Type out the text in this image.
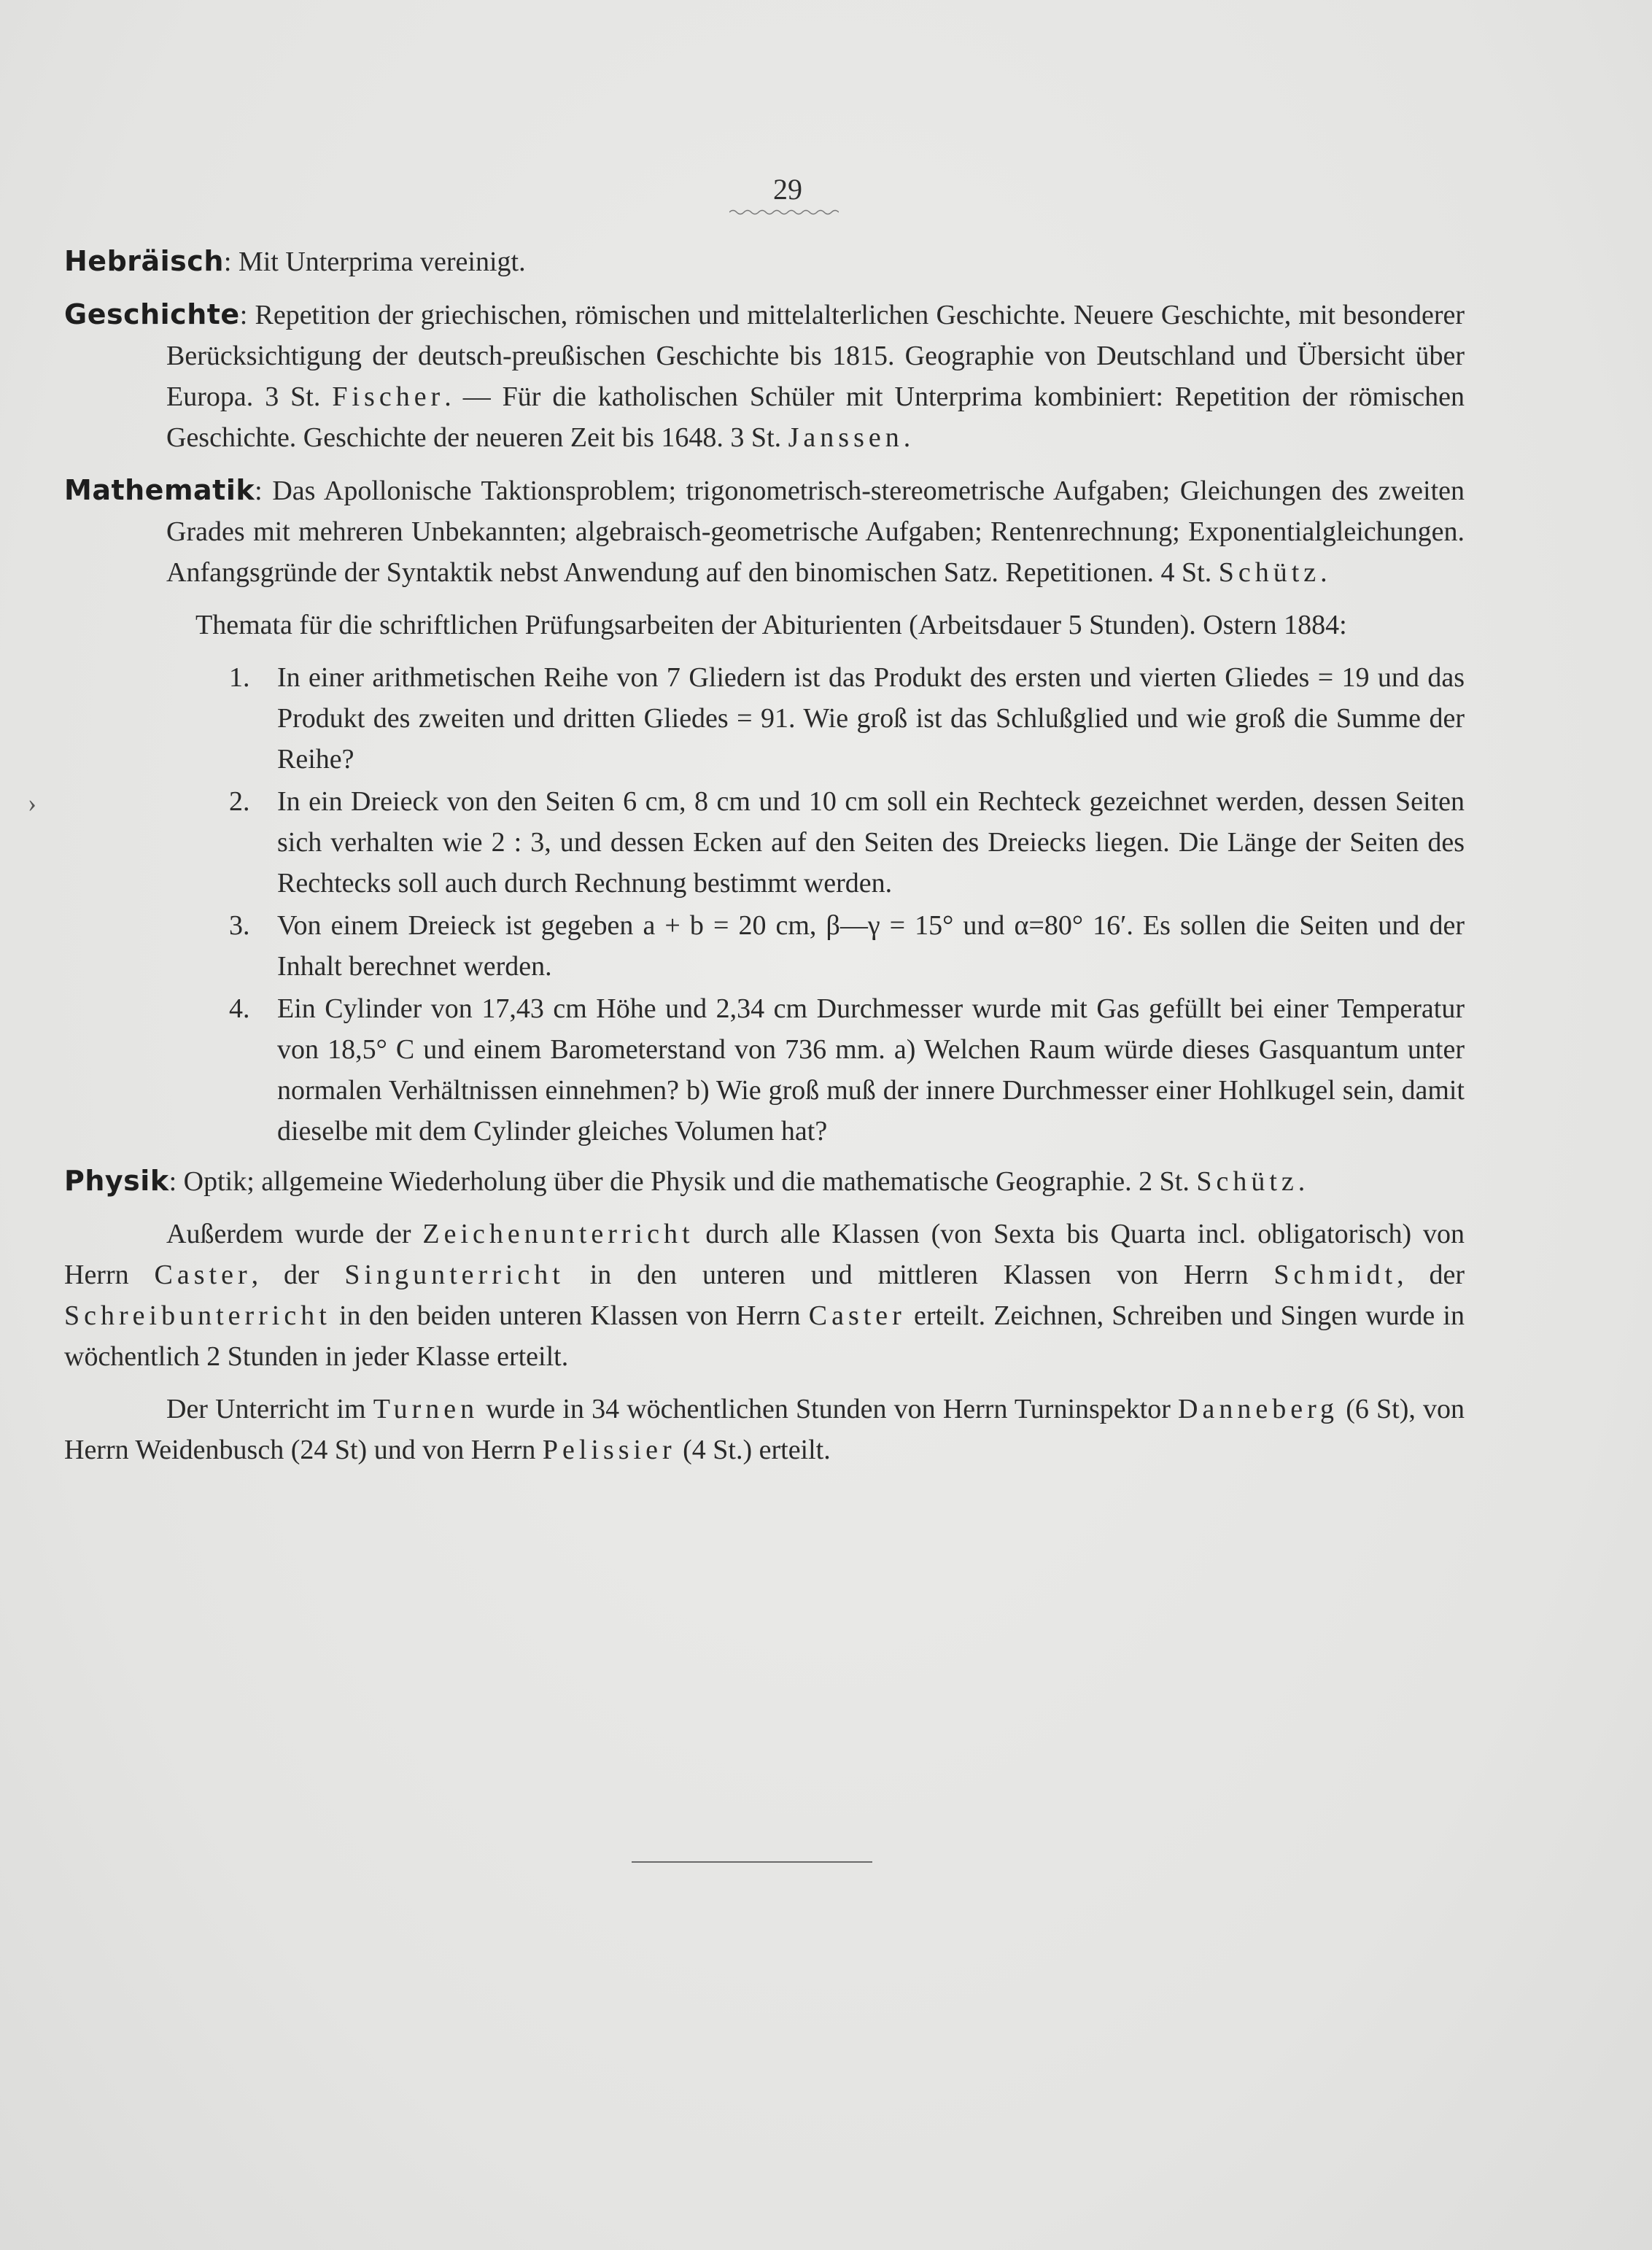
29
›

Hebräisch: Mit Unterprima vereinigt.

Geschichte: Repetition der griechischen, römischen und mittelalterlichen Geschichte. Neuere Geschichte, mit besonderer Berücksichtigung der deutsch-preußischen Geschichte bis 1815. Geographie von Deutschland und Übersicht über Europa. 3 St. Fischer. — Für die katholischen Schüler mit Unterprima kombiniert: Repetition der römischen Geschichte. Geschichte der neueren Zeit bis 1648. 3 St. Janssen.

Mathematik: Das Apollonische Taktionsproblem; trigonometrisch-stereometrische Aufgaben; Gleichungen des zweiten Grades mit mehreren Unbekannten; algebraisch-geometrische Aufgaben; Rentenrechnung; Exponentialgleichungen. Anfangsgründe der Syntaktik nebst Anwendung auf den binomischen Satz. Repetitionen. 4 St. Schütz.

Themata für die schriftlichen Prüfungsarbeiten der Abiturienten (Arbeitsdauer 5 Stunden). Ostern 1884:

1. In einer arithmetischen Reihe von 7 Gliedern ist das Produkt des ersten und vierten Gliedes = 19 und das Produkt des zweiten und dritten Gliedes = 91. Wie groß ist das Schlußglied und wie groß die Summe der Reihe?
2. In ein Dreieck von den Seiten 6 cm, 8 cm und 10 cm soll ein Rechteck gezeichnet werden, dessen Seiten sich verhalten wie 2 : 3, und dessen Ecken auf den Seiten des Dreiecks liegen. Die Länge der Seiten des Rechtecks soll auch durch Rechnung bestimmt werden.
3. Von einem Dreieck ist gegeben a + b = 20 cm, β—γ = 15° und α=80° 16′. Es sollen die Seiten und der Inhalt berechnet werden.
4. Ein Cylinder von 17,43 cm Höhe und 2,34 cm Durchmesser wurde mit Gas gefüllt bei einer Temperatur von 18,5° C und einem Barometerstand von 736 mm. a) Welchen Raum würde dieses Gasquantum unter normalen Verhältnissen einnehmen? b) Wie groß muß der innere Durchmesser einer Hohlkugel sein, damit dieselbe mit dem Cylinder gleiches Volumen hat?

Physik: Optik; allgemeine Wiederholung über die Physik und die mathematische Geographie. 2 St. Schütz.

Außerdem wurde der Zeichenunterricht durch alle Klassen (von Sexta bis Quarta incl. obligatorisch) von Herrn Caster, der Singunterricht in den unteren und mittleren Klassen von Herrn Schmidt, der Schreibunterricht in den beiden unteren Klassen von Herrn Caster erteilt. Zeichnen, Schreiben und Singen wurde in wöchentlich 2 Stunden in jeder Klasse erteilt.

Der Unterricht im Turnen wurde in 34 wöchentlichen Stunden von Herrn Turninspektor Danneberg (6 St), von Herrn Weidenbusch (24 St) und von Herrn Pelissier (4 St.) erteilt.
